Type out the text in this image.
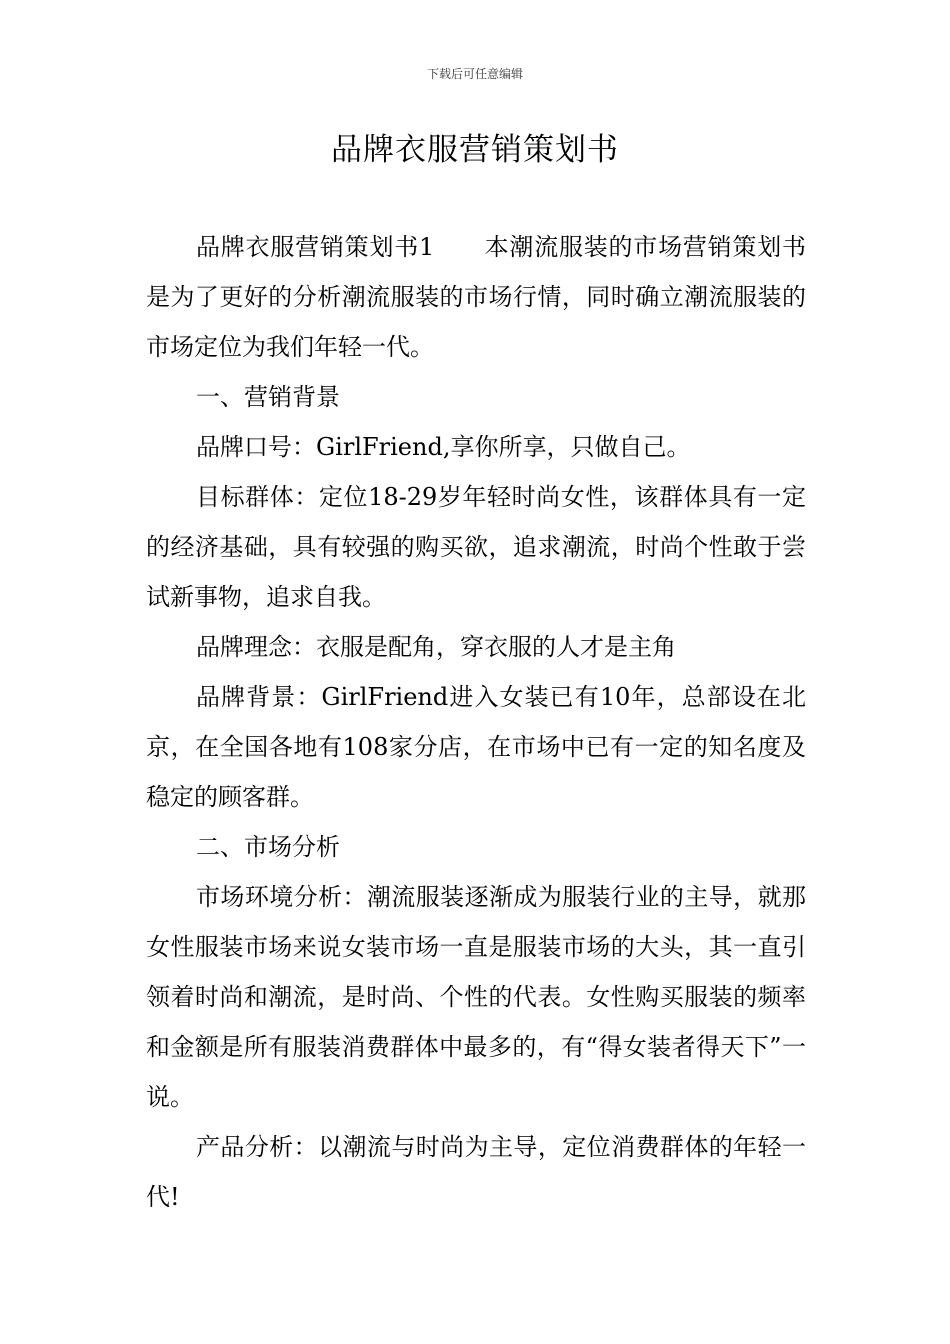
下载后可任意编辑
品牌衣服营销策划书

品牌衣服营销策划书1　　本潮流服装的市场营销策划书是为了更好的分析潮流服装的市场行情，同时确立潮流服装的市场定位为我们年轻一代。

一、营销背景

品牌口号：GirlFriend,享你所享，只做自己。

目标群体：定位18-29岁年轻时尚女性，该群体具有一定的经济基础，具有较强的购买欲，追求潮流，时尚个性敢于尝试新事物，追求自我。

品牌理念：衣服是配角，穿衣服的人才是主角

品牌背景：GirlFriend进入女装已有10年，总部设在北京，在全国各地有108家分店，在市场中已有一定的知名度及稳定的顾客群。

二、市场分析

市场环境分析：潮流服装逐渐成为服装行业的主导，就那女性服装市场来说女装市场一直是服装市场的大头，其一直引领着时尚和潮流，是时尚、个性的代表。女性购买服装的频率和金额是所有服装消费群体中最多的，有“得女装者得天下”一说。

产品分析：以潮流与时尚为主导，定位消费群体的年轻一代!
